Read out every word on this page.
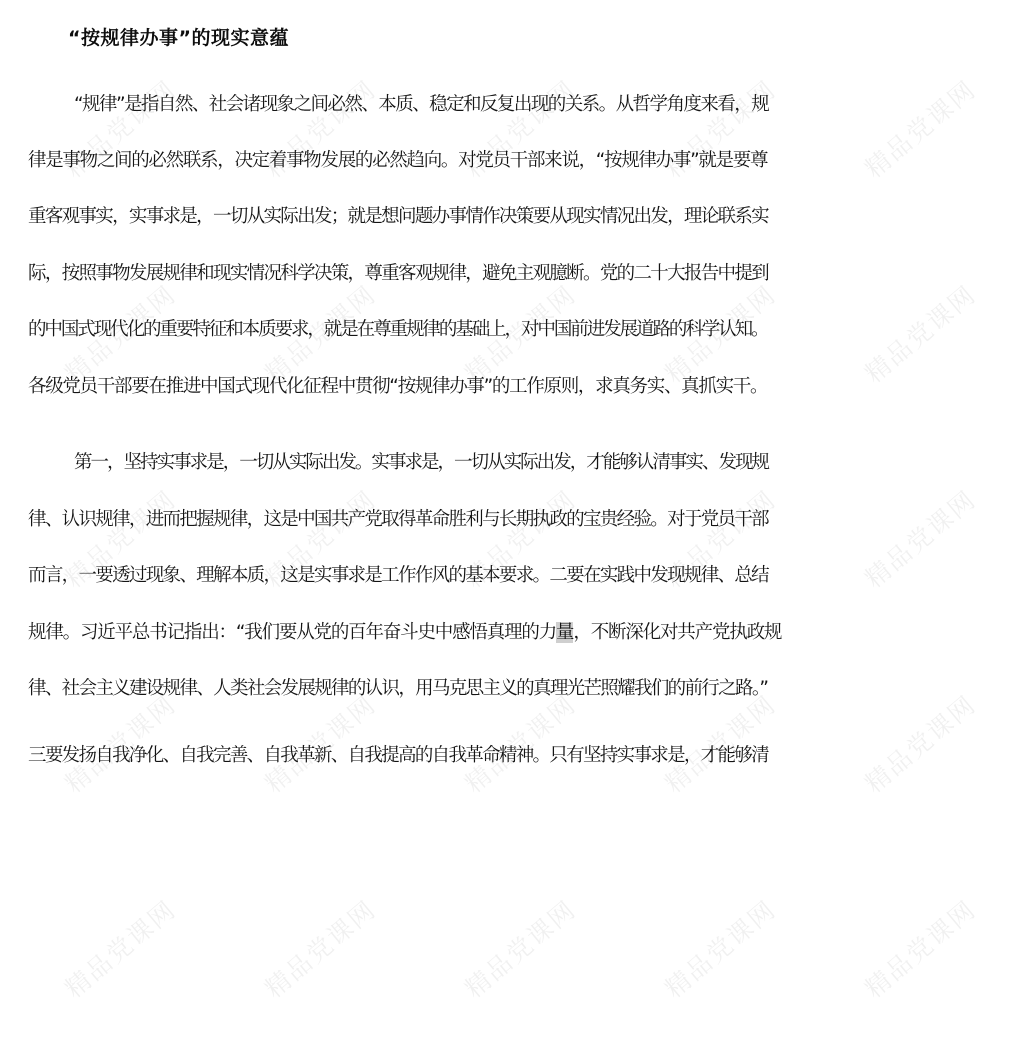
精品党课网	精品党课网	精品党课网	精品党课网	精品党课网
精品党课网	精品党课网	精品党课网	精品党课网	精品党课网
精品党课网	精品党课网	精品党课网	精品党课网	精品党课网
精品党课网	精品党课网	精品党课网	精品党课网	精品党课网
精品党课网	精品党课网	精品党课网	精品党课网	精品党课网
“按规律办事”的现实意蕴
“规律”是指自然、社会诸现象之间必然、本质、稳定和反复出现的关系。从哲学角度来看，规
律是事物之间的必然联系，决定着事物发展的必然趋向。对党员干部来说，“按规律办事”就是要尊
重客观事实，实事求是，一切从实际出发；就是想问题办事情作决策要从现实情况出发，理论联系实
际，按照事物发展规律和现实情况科学决策，尊重客观规律，避免主观臆断。党的二十大报告中提到
的中国式现代化的重要特征和本质要求，就是在尊重规律的基础上，对中国前进发展道路的科学认知。
各级党员干部要在推进中国式现代化征程中贯彻“按规律办事”的工作原则，求真务实、真抓实干。
第一，坚持实事求是，一切从实际出发。实事求是，一切从实际出发，才能够认清事实、发现规
律、认识规律，进而把握规律，这是中国共产党取得革命胜利与长期执政的宝贵经验。对于党员干部
而言，一要透过现象、理解本质，这是实事求是工作作风的基本要求。二要在实践中发现规律、总结
规律。习近平总书记指出：“我们要从党的百年奋斗史中感悟真理的力量，不断深化对共产党执政规
律、社会主义建设规律、人类社会发展规律的认识，用马克思主义的真理光芒照耀我们的前行之路。”
三要发扬自我净化、自我完善、自我革新、自我提高的自我革命精神。只有坚持实事求是，才能够清
